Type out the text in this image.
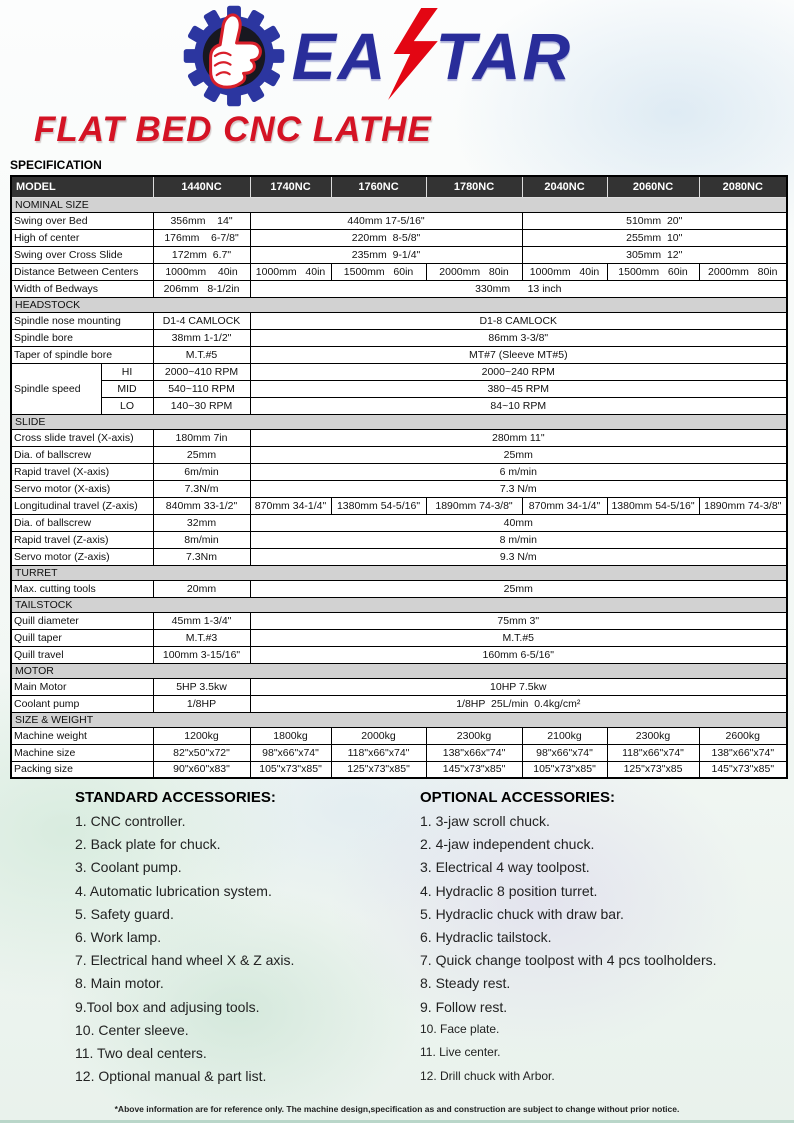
EA TAR
FLAT BED CNC LATHE
SPECIFICATION
MODEL		1440NC	1740NC	1760NC	1780NC	2040NC	2060NC	2080NC
NOMINAL SIZE								
Swing over Bed		356mm    14"	440mm 17-5/16"			510mm  20"		
High of center		176mm    6-7/8"	220mm  8-5/8"			255mm  10"		
Swing over Cross Slide		172mm  6.7"	235mm  9-1/4"			305mm  12"		
Distance Between Centers		1000mm    40in	1000mm   40in	1500mm   60in	2000mm   80in	1000mm   40in	1500mm   60in	2000mm   80in
Width of Bedways		206mm   8-1/2in	330mm      13 inch					
HEADSTOCK								
Spindle nose mounting		D1-4 CAMLOCK	D1-8 CAMLOCK					
Spindle bore		38mm 1-1/2"	86mm 3-3/8"					
Taper of spindle bore		M.T.#5	MT#7 (Sleeve MT#5)					
Spindle speed	HI	2000~410 RPM	2000~240 RPM					
	MID	540~110 RPM	380~45 RPM					
	LO	140~30 RPM	84~10 RPM					
SLIDE								
Cross slide travel (X-axis)		180mm 7in	280mm 11"					
Dia. of ballscrew		25mm	25mm					
Rapid travel (X-axis)		6m/min	6 m/min					
Servo motor (X-axis)		7.3N/m	7.3 N/m					
Longitudinal travel (Z-axis)		840mm 33-1/2"	870mm 34-1/4"	1380mm 54-5/16"	1890mm 74-3/8"	870mm 34-1/4"	1380mm 54-5/16"	1890mm 74-3/8"
Dia. of ballscrew		32mm	40mm					
Rapid travel (Z-axis)		8m/min	8 m/min					
Servo motor (Z-axis)		7.3Nm	9.3 N/m					
TURRET								
Max. cutting tools		20mm	25mm					
TAILSTOCK								
Quill diameter		45mm 1-3/4"	75mm 3"					
Quill taper		M.T.#3	M.T.#5					
Quill travel		100mm 3-15/16"	160mm 6-5/16"					
MOTOR								
Main Motor		5HP 3.5kw	10HP 7.5kw					
Coolant pump		1/8HP	1/8HP  25L/min  0.4kg/cm²					
SIZE & WEIGHT								
Machine weight		1200kg	1800kg	2000kg	2300kg	2100kg	2300kg	2600kg
Machine size		82"x50"x72"	98"x66"x74"	118"x66"x74"	138"x66x"74"	98"x66"x74"	118"x66"x74"	138"x66"x74"
Packing size		90"x60"x83"	105"x73"x85"	125"x73"x85"	145"x73"x85"	105"x73"x85"	125"x73"x85	145"x73"x85"
STANDARD ACCESSORIES:
1. CNC controller.
2. Back plate for chuck.
3. Coolant pump.
4. Automatic lubrication system.
5. Safety guard.
6. Work lamp.
7. Electrical hand wheel X & Z axis.
8. Main motor.
9.Tool box and adjusing tools.
10. Center sleeve.
11. Two deal centers.
12. Optional manual & part list.
OPTIONAL ACCESSORIES:
1. 3-jaw scroll chuck.
2. 4-jaw independent chuck.
3. Electrical 4 way toolpost.
4. Hydraclic 8 position turret.
5. Hydraclic chuck with draw bar.
6. Hydraclic tailstock.
7. Quick change toolpost with 4 pcs toolholders.
8. Steady rest.
9. Follow rest.
10. Face plate.
11. Live center.
12. Drill chuck with Arbor.
*Above information are for reference only. The machine design,specification as and construction are subject to change without prior notice.
